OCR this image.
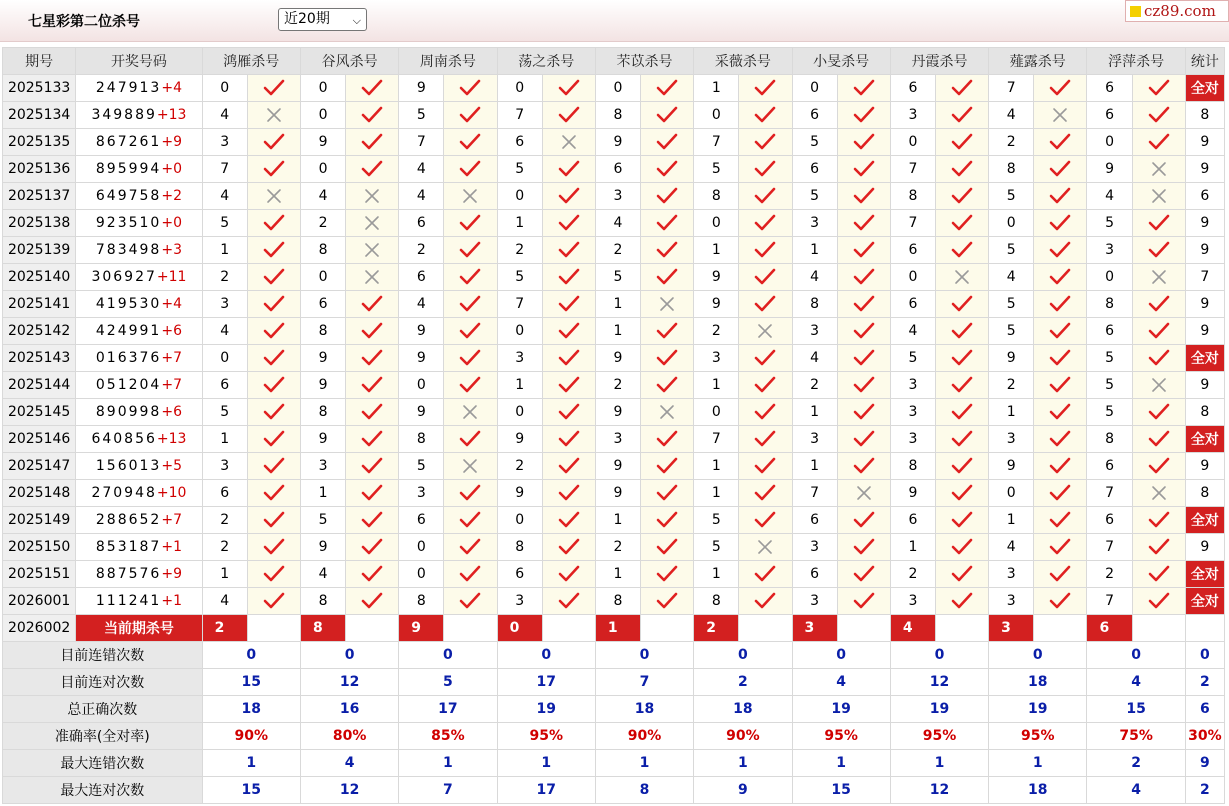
七星彩第二位杀号	近20期 ⌵
cz89.com
期号	开奖号码	鸿雁杀号		谷风杀号		周南杀号		荡之杀号		芣苡杀号		采薇杀号		小旻杀号		丹霞杀号		薤露杀号		浮萍杀号		统计
2025133	247913+4	0		0		9		0		0		1		0		6		7		6		全对
2025134	349889+13	4		0		5		7		8		0		6		3		4		6		8
2025135	867261+9	3		9		7		6		9		7		5		0		2		0		9
2025136	895994+0	7		0		4		5		6		5		6		7		8		9		9
2025137	649758+2	4		4		4		0		3		8		5		8		5		4		6
2025138	923510+0	5		2		6		1		4		0		3		7		0		5		9
2025139	783498+3	1		8		2		2		2		1		1		6		5		3		9
2025140	306927+11	2		0		6		5		5		9		4		0		4		0		7
2025141	419530+4	3		6		4		7		1		9		8		6		5		8		9
2025142	424991+6	4		8		9		0		1		2		3		4		5		6		9
2025143	016376+7	0		9		9		3		9		3		4		5		9		5		全对
2025144	051204+7	6		9		0		1		2		1		2		3		2		5		9
2025145	890998+6	5		8		9		0		9		0		1		3		1		5		8
2025146	640856+13	1		9		8		9		3		7		3		3		3		8		全对
2025147	156013+5	3		3		5		2		9		1		1		8		9		6		9
2025148	270948+10	6		1		3		9		9		1		7		9		0		7		8
2025149	288652+7	2		5		6		0		1		5		6		6		1		6		全对
2025150	853187+1	2		9		0		8		2		5		3		1		4		7		9
2025151	887576+9	1		4		0		6		1		1		6		2		3		2		全对
2026001	111241+1	4		8		8		3		8		8		3		3		3		7		全对
2026002	当前期杀号	2		8		9		0		1		2		3		4		3		6		
目前连错次数		0		0		0		0		0		0		0		0		0		0		0
目前连对次数		15		12		5		17		7		2		4		12		18		4		2
总正确次数		18		16		17		19		18		18		19		19		19		15		6
准确率(全对率)		90%		80%		85%		95%		90%		90%		95%		95%		95%		75%		30%
最大连错次数		1		4		1		1		1		1		1		1		1		2		9
最大连对次数		15		12		7		17		8		9		15		12		18		4		2
